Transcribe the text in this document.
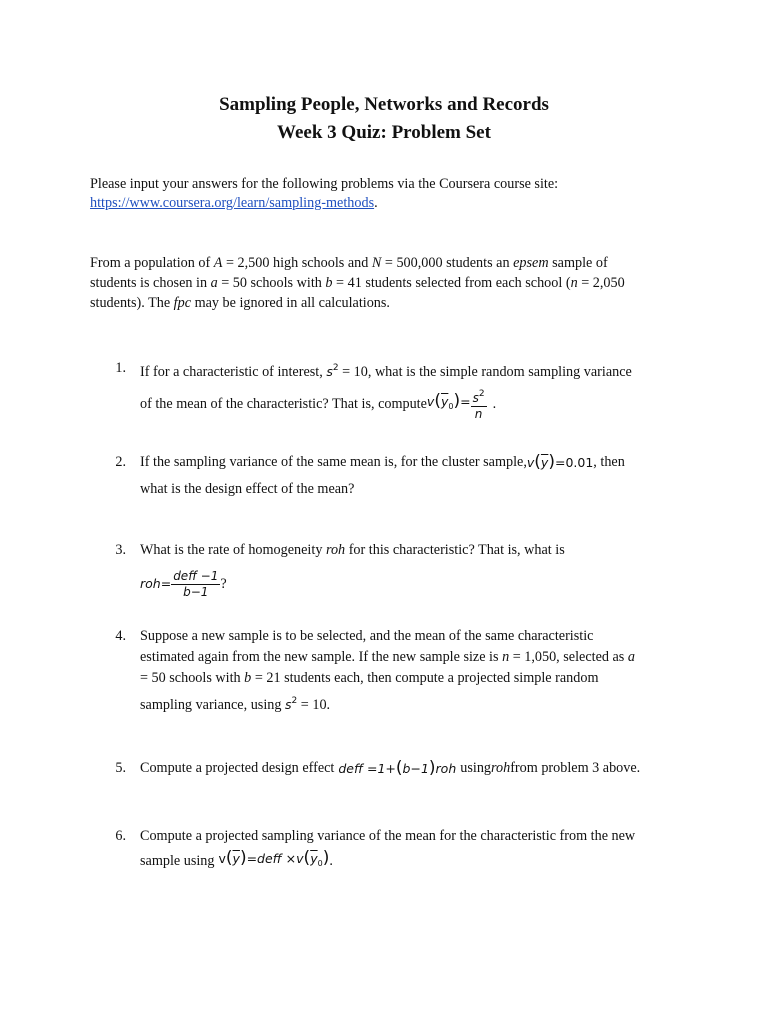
Sampling People, Networks and Records
Week 3 Quiz: Problem Set
Please input your answers for the following problems via the Coursera course site:
https://www.coursera.org/learn/sampling-methods.
From a population of A = 2,500 high schools and N = 500,000 students an epsem sample of
students is chosen in a = 50 schools with b = 41 students selected from each school (n = 2,050
students). The fpc may be ignored in all calculations.
1. If for a characteristic of interest, $s^2 = 10$, what is the simple random sampling variance
of the mean of the characteristic? That is, compute $v(\overline{y}_0)= \frac{s^2}{n}$ .
2. If the sampling variance of the same mean is, for the cluster sample, $v(\overline{y})=0.01$ , then
what is the design effect of the mean?
3. What is the rate of homogeneity roh for this characteristic? That is, what is
$roh= \frac{\text{deff −1}}{b-1}$ ?
4. Suppose a new sample is to be selected, and the mean of the same characteristic
estimated again from the new sample. If the new sample size is n = 1,050, selected as a
= 50 schools with b = 21 students each, then compute a projected simple random
sampling variance, using $s^2 = 10$.
5. Compute a projected design effect deff =1+(b−1)roh using roh from problem 3 above.
6. Compute a projected sampling variance of the mean for the characteristic from the new
sample using $v(\overline{y})=deff \times v(\overline{y}_0)$ .
